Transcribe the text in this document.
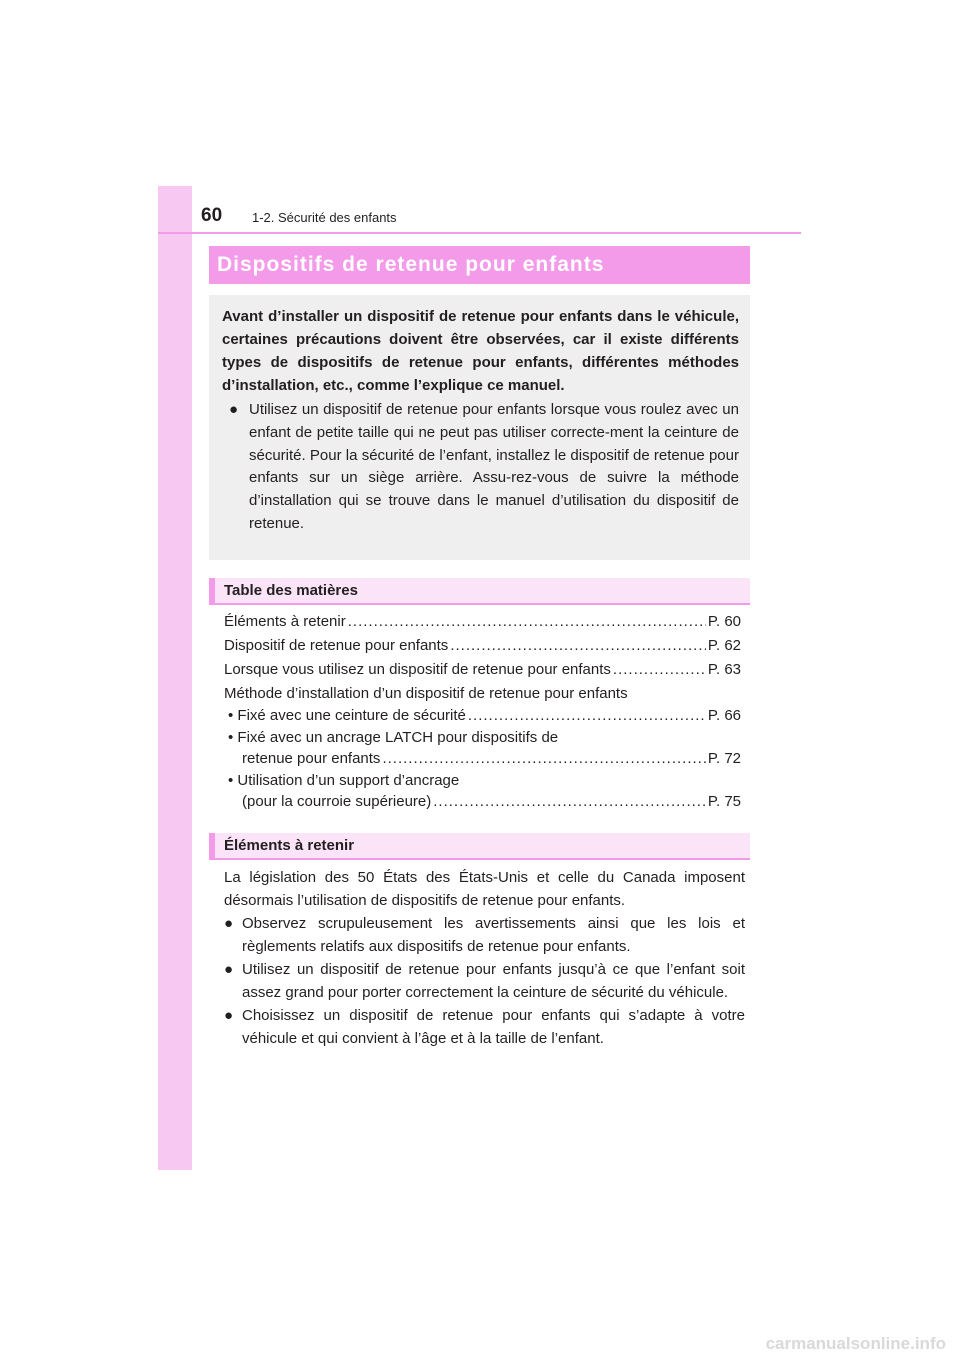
60 1-2. Sécurité des enfants
Dispositifs de retenue pour enfants

Avant d’installer un dispositif de retenue pour enfants dans le véhicule, certaines précautions doivent être observées, car il existe différents types de dispositifs de retenue pour enfants, différentes méthodes d’installation, etc., comme l’explique ce manuel.

● Utilisez un dispositif de retenue pour enfants lorsque vous roulez avec un enfant de petite taille qui ne peut pas utiliser correcte-ment la ceinture de sécurité. Pour la sécurité de l’enfant, installez le dispositif de retenue pour enfants sur un siège arrière. Assu-rez-vous de suivre la méthode d’installation qui se trouve dans le manuel d’utilisation du dispositif de retenue.
Table des matières
Éléments à retenir .....	P. 60
Dispositif de retenue pour enfants .....	P. 62
Lorsque vous utilisez un dispositif de retenue pour enfants .....	P. 63
Méthode d’installation d’un dispositif de retenue pour enfants
• Fixé avec une ceinture de sécurité .....	P. 66
• Fixé avec un ancrage LATCH pour dispositifs de
retenue pour enfants .....	P. 72
• Utilisation d’un support d’ancrage
(pour la courroie supérieure) .....	P. 75
Éléments à retenir

La législation des 50 États des États-Unis et celle du Canada imposent désormais l’utilisation de dispositifs de retenue pour enfants.

● Observez scrupuleusement les avertissements ainsi que les lois et règlements relatifs aux dispositifs de retenue pour enfants.
● Utilisez un dispositif de retenue pour enfants jusqu’à ce que l’enfant soit assez grand pour porter correctement la ceinture de sécurité du véhicule.
● Choisissez un dispositif de retenue pour enfants qui s’adapte à votre véhicule et qui convient à l’âge et à la taille de l’enfant.
carmanualsonline.info
